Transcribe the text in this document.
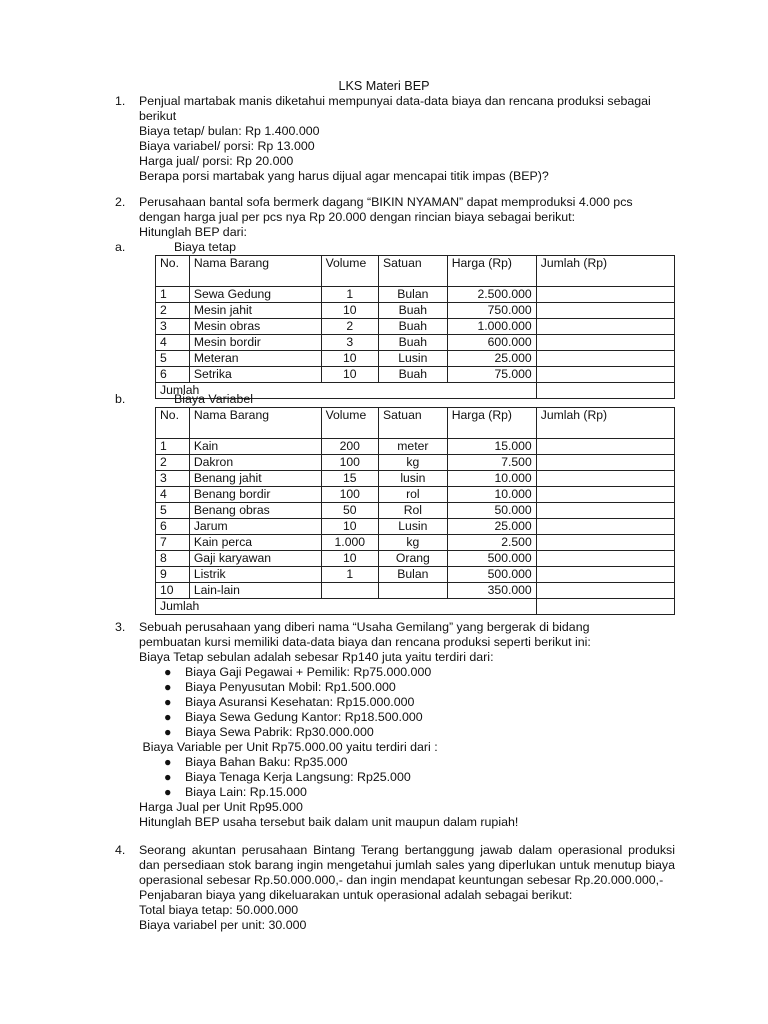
LKS Materi BEP
1.	Penjual martabak manis diketahui mempunyai data-data biaya dan rencana produksi sebagai
berikut
Biaya tetap/ bulan: Rp 1.400.000
Biaya variabel/ porsi: Rp 13.000
Harga jual/ porsi: Rp 20.000
Berapa porsi martabak yang harus dijual agar mencapai titik impas (BEP)?
2.	Perusahaan bantal sofa bermerk dagang “BIKIN NYAMAN” dapat memproduksi 4.000 pcs
dengan harga jual per pcs nya Rp 20.000 dengan rincian biaya sebagai berikut:
Hitunglah BEP dari:
a.	Biaya tetap
No.	Nama Barang	Volume	Satuan	Harga (Rp)	Jumlah (Rp)
1	Sewa Gedung	1	Bulan	2.500.000	
2	Mesin jahit	10	Buah	750.000	
3	Mesin obras	2	Buah	1.000.000	
4	Mesin bordir	3	Buah	600.000	
5	Meteran	10	Lusin	25.000	
6	Setrika	10	Buah	75.000	
Jumlah					
b.	Biaya Variabel
No.	Nama Barang	Volume	Satuan	Harga (Rp)	Jumlah (Rp)
1	Kain	200	meter	15.000	
2	Dakron	100	kg	7.500	
3	Benang jahit	15	lusin	10.000	
4	Benang bordir	100	rol	10.000	
5	Benang obras	50	Rol	50.000	
6	Jarum	10	Lusin	25.000	
7	Kain perca	1.000	kg	2.500	
8	Gaji karyawan	10	Orang	500.000	
9	Listrik	1	Bulan	500.000	
10	Lain-lain			350.000	
Jumlah					
3.	Sebuah perusahaan yang diberi nama “Usaha Gemilang” yang bergerak di bidang
pembuatan kursi memiliki data-data biaya dan rencana produksi seperti berikut ini:
Biaya Tetap sebulan adalah sebesar Rp140 juta yaitu terdiri dari:
● Biaya Gaji Pegawai + Pemilik: Rp75.000.000
● Biaya Penyusutan Mobil: Rp1.500.000
● Biaya Asuransi Kesehatan: Rp15.000.000
● Biaya Sewa Gedung Kantor: Rp18.500.000
● Biaya Sewa Pabrik: Rp30.000.000
Biaya Variable per Unit Rp75.000.00 yaitu terdiri dari :
● Biaya Bahan Baku: Rp35.000
● Biaya Tenaga Kerja Langsung: Rp25.000
● Biaya Lain: Rp.15.000
Harga Jual per Unit Rp95.000
Hitunglah BEP usaha tersebut baik dalam unit maupun dalam rupiah!
4.	Seorang akuntan perusahaan Bintang Terang bertanggung jawab dalam operasional produksi dan persediaan stok barang ingin mengetahui jumlah sales yang diperlukan untuk menutup biaya operasional sebesar Rp.50.000.000,- dan ingin mendapat keuntungan sebesar Rp.20.000.000,-
Penjabaran biaya yang dikeluarakan untuk operasional adalah sebagai berikut:
Total biaya tetap: 50.000.000
Biaya variabel per unit: 30.000
